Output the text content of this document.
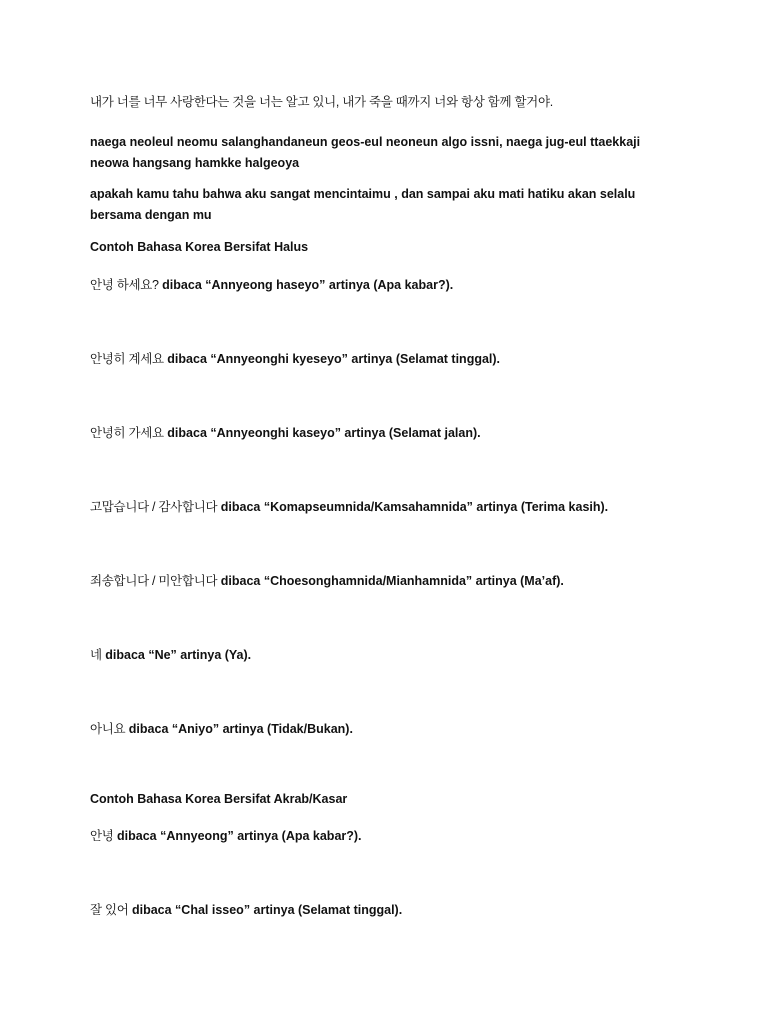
내가 너를 너무 사랑한다는 것을 너는 알고 있니, 내가 죽을 때까지 너와 항상 함께 할거야.
naega neoleul neomu salanghandaneun geos-eul neoneun algo issni, naega jug-eul ttaekkaji neowa hangsang hamkke halgeoya
apakah kamu tahu bahwa aku sangat mencintaimu , dan sampai aku mati hatiku akan selalu bersama dengan mu
Contoh Bahasa Korea Bersifat Halus
안녕 하세요? dibaca “Annyeong haseyo” artinya (Apa kabar?).
안녕히 계세요 dibaca “Annyeonghi kyeseyo” artinya (Selamat tinggal).
안녕히 가세요 dibaca “Annyeonghi kaseyo” artinya (Selamat jalan).
고맙습니다 / 감사합니다 dibaca “Komapseumnida/Kamsahamnida” artinya (Terima kasih).
죄송합니다 / 미안합니다 dibaca “Choesonghamnida/Mianhamnida” artinya (Ma’af).
네 dibaca “Ne” artinya (Ya).
아니요 dibaca “Aniyo” artinya (Tidak/Bukan).
Contoh Bahasa Korea Bersifat Akrab/Kasar
안녕 dibaca “Annyeong” artinya (Apa kabar?).
잘 있어 dibaca “Chal isseo” artinya (Selamat tinggal).
